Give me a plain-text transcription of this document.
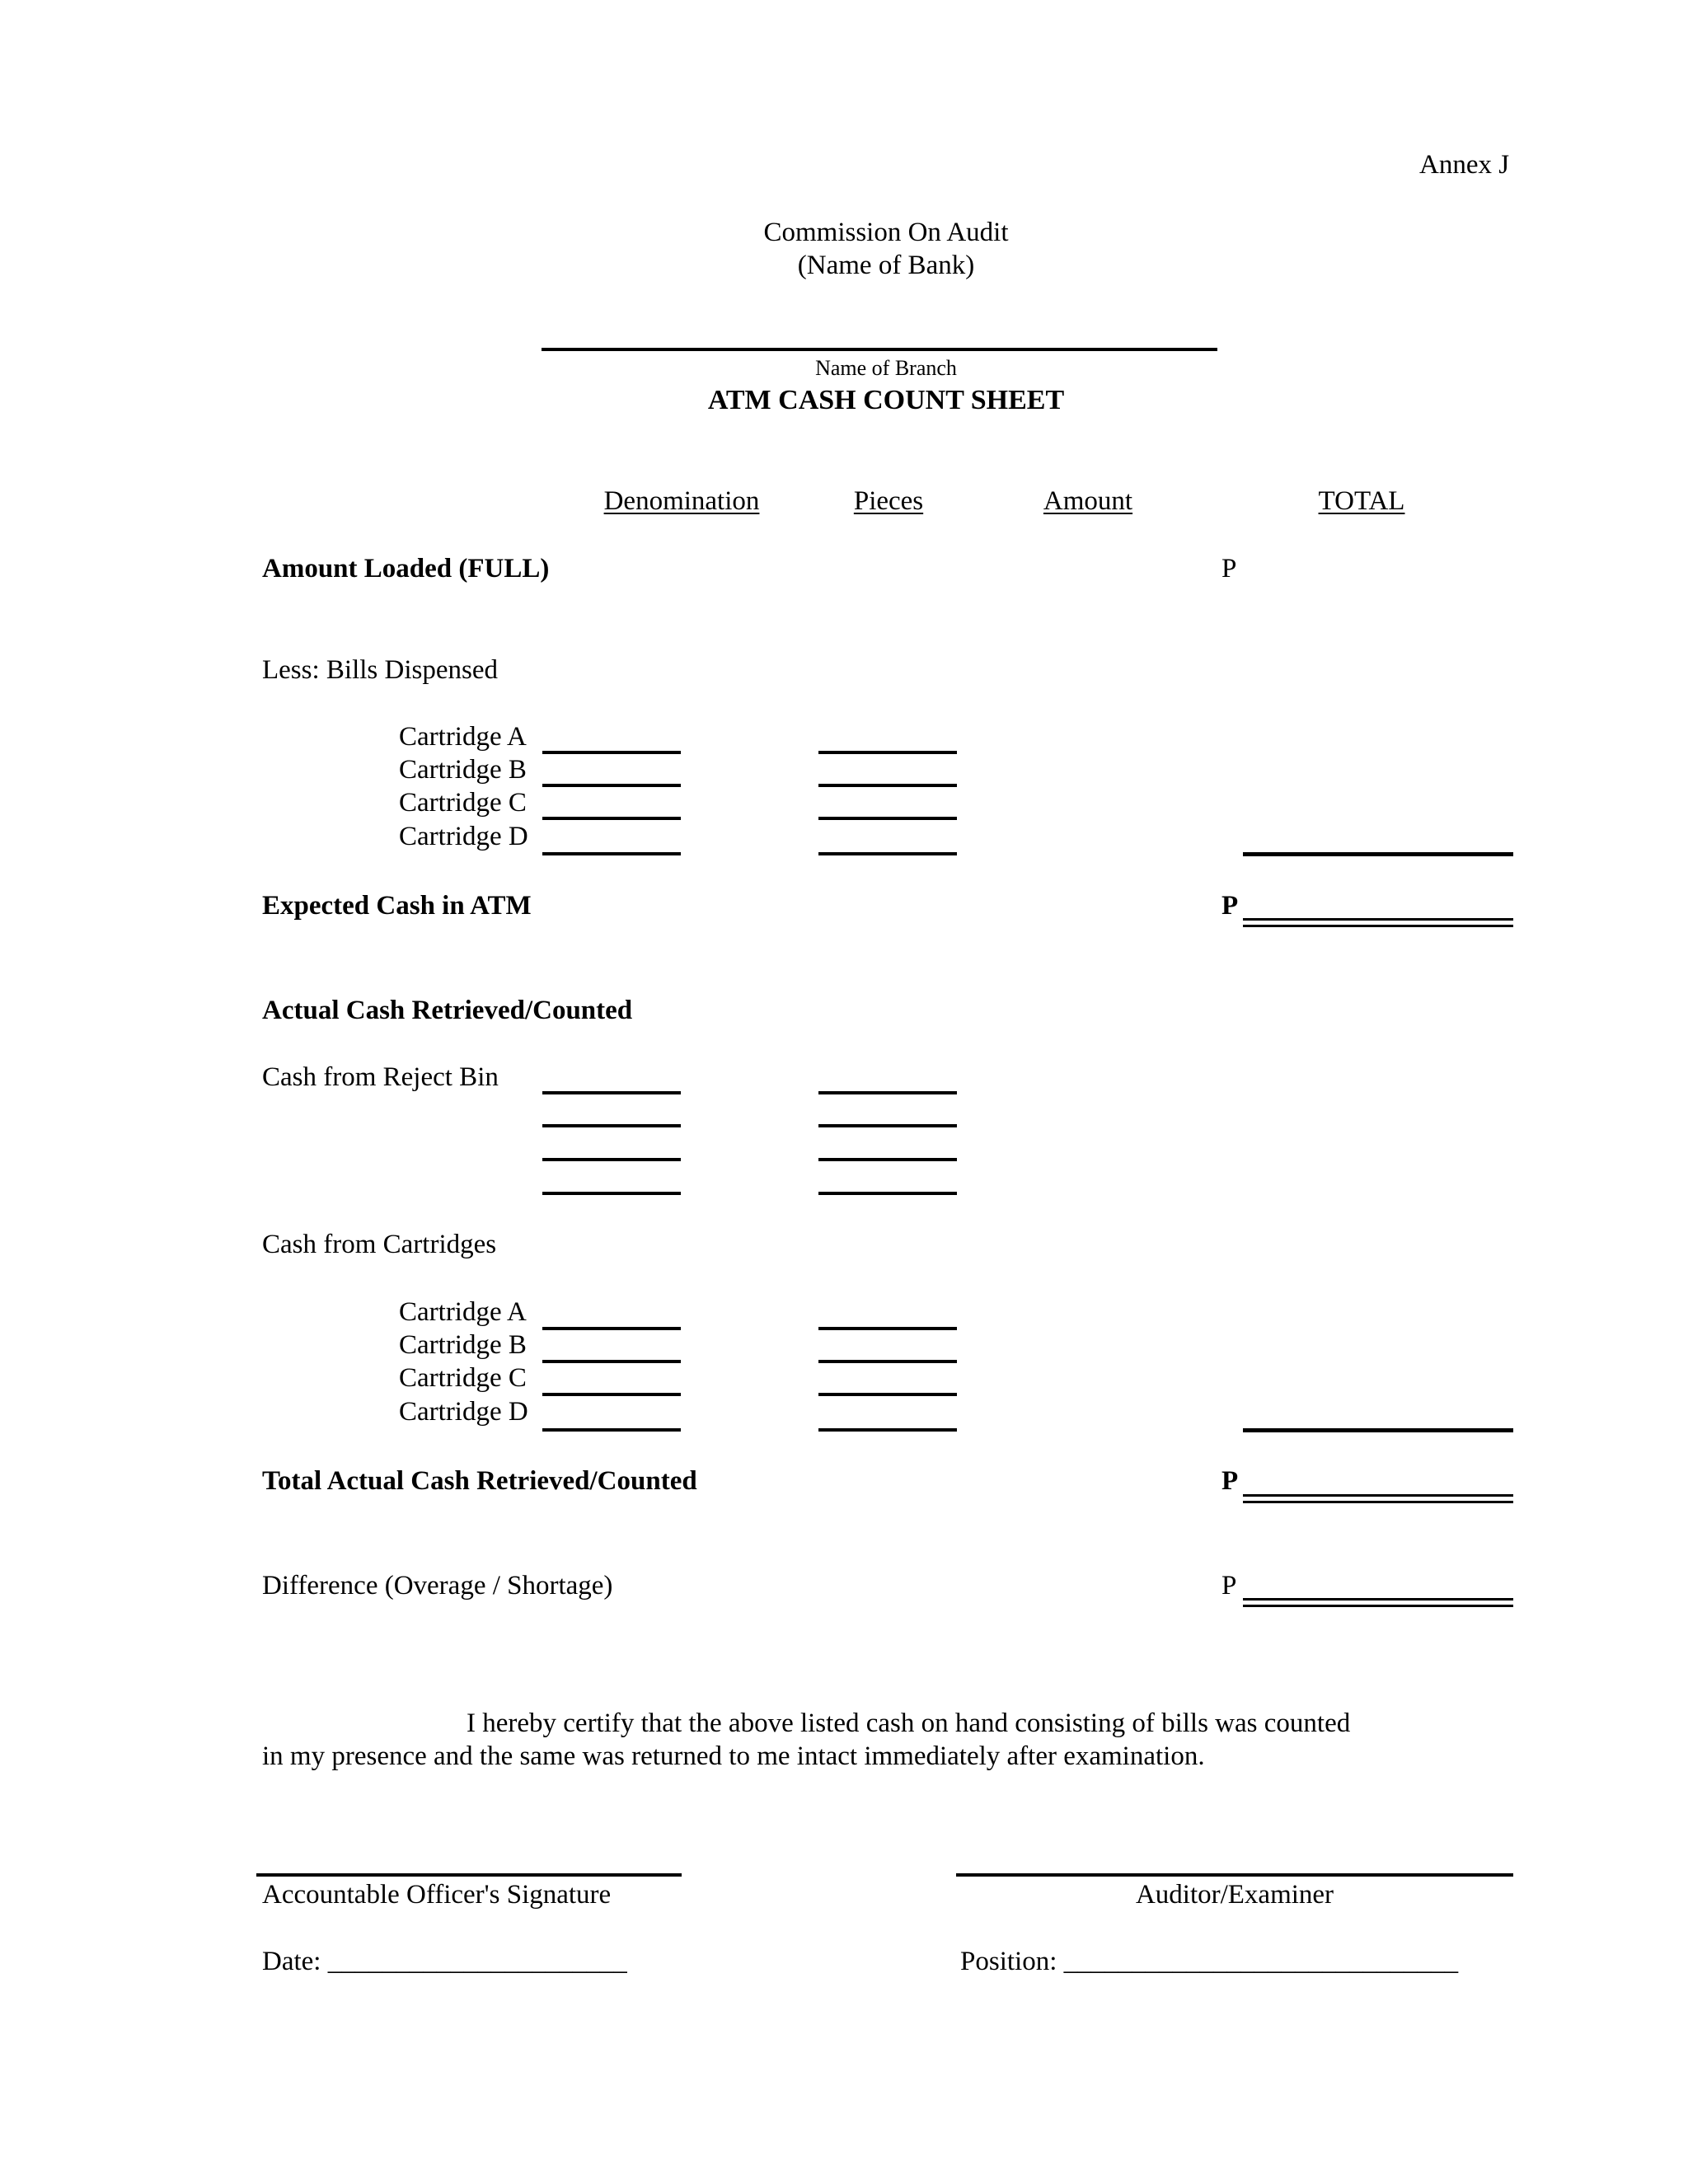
Annex J
Commission On Audit
(Name of Bank)
Name of Branch
ATM CASH COUNT SHEET
Denomination	Pieces	Amount	TOTAL
Amount Loaded (FULL)	P
Less: Bills Dispensed
Cartridge A
Cartridge B
Cartridge C
Cartridge D
Expected Cash in ATM	P
Actual Cash Retrieved/Counted
Cash from Reject Bin
Cash from Cartridges
Cartridge A
Cartridge B
Cartridge C
Cartridge D
Total Actual Cash Retrieved/Counted	P
Difference (Overage / Shortage)	P
I hereby certify that the above listed cash on hand consisting of bills was counted
in my presence and the same was returned to me intact immediately after examination.
Accountable Officer's Signature	Auditor/Examiner
Date: ______________________	Position: _____________________________
